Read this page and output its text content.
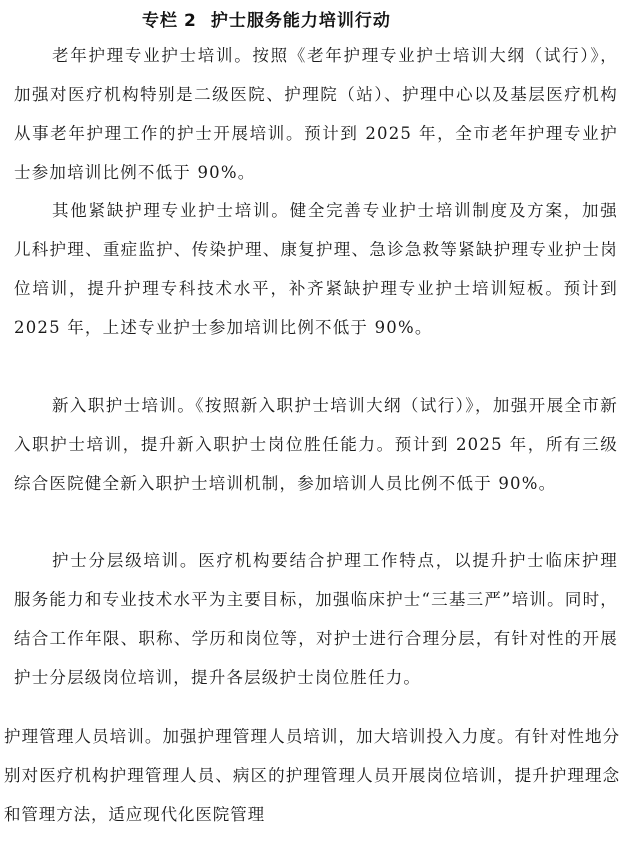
专栏 2 护士服务能力培训行动

老年护理专业护士培训。按照《老年护理专业护士培训大纲（试行）》，加强对医疗机构特别是二级医院、护理院（站）、护理中心以及基层医疗机构从事老年护理工作的护士开展培训。预计到 2025 年，全市老年护理专业护士参加培训比例不低于 90%。

其他紧缺护理专业护士培训。健全完善专业护士培训制度及方案，加强儿科护理、重症监护、传染护理、康复护理、急诊急救等紧缺护理专业护士岗位培训，提升护理专科技术水平，补齐紧缺护理专业护士培训短板。预计到 2025 年，上述专业护士参加培训比例不低于 90%。

新入职护士培训。《按照新入职护士培训大纲（试行）》，加强开展全市新入职护士培训，提升新入职护士岗位胜任能力。预计到 2025 年，所有三级综合医院健全新入职护士培训机制，参加培训人员比例不低于 90%。

护士分层级培训。医疗机构要结合护理工作特点，以提升护士临床护理服务能力和专业技术水平为主要目标，加强临床护士“三基三严”培训。同时，结合工作年限、职称、学历和岗位等，对护士进行合理分层，有针对性的开展护士分层级岗位培训，提升各层级护士岗位胜任力。

护理管理人员培训。加强护理管理人员培训，加大培训投入力度。有针对性地分别对医疗机构护理管理人员、病区的护理管理人员开展岗位培训，提升护理理念和管理方法，适应现代化医院管理
